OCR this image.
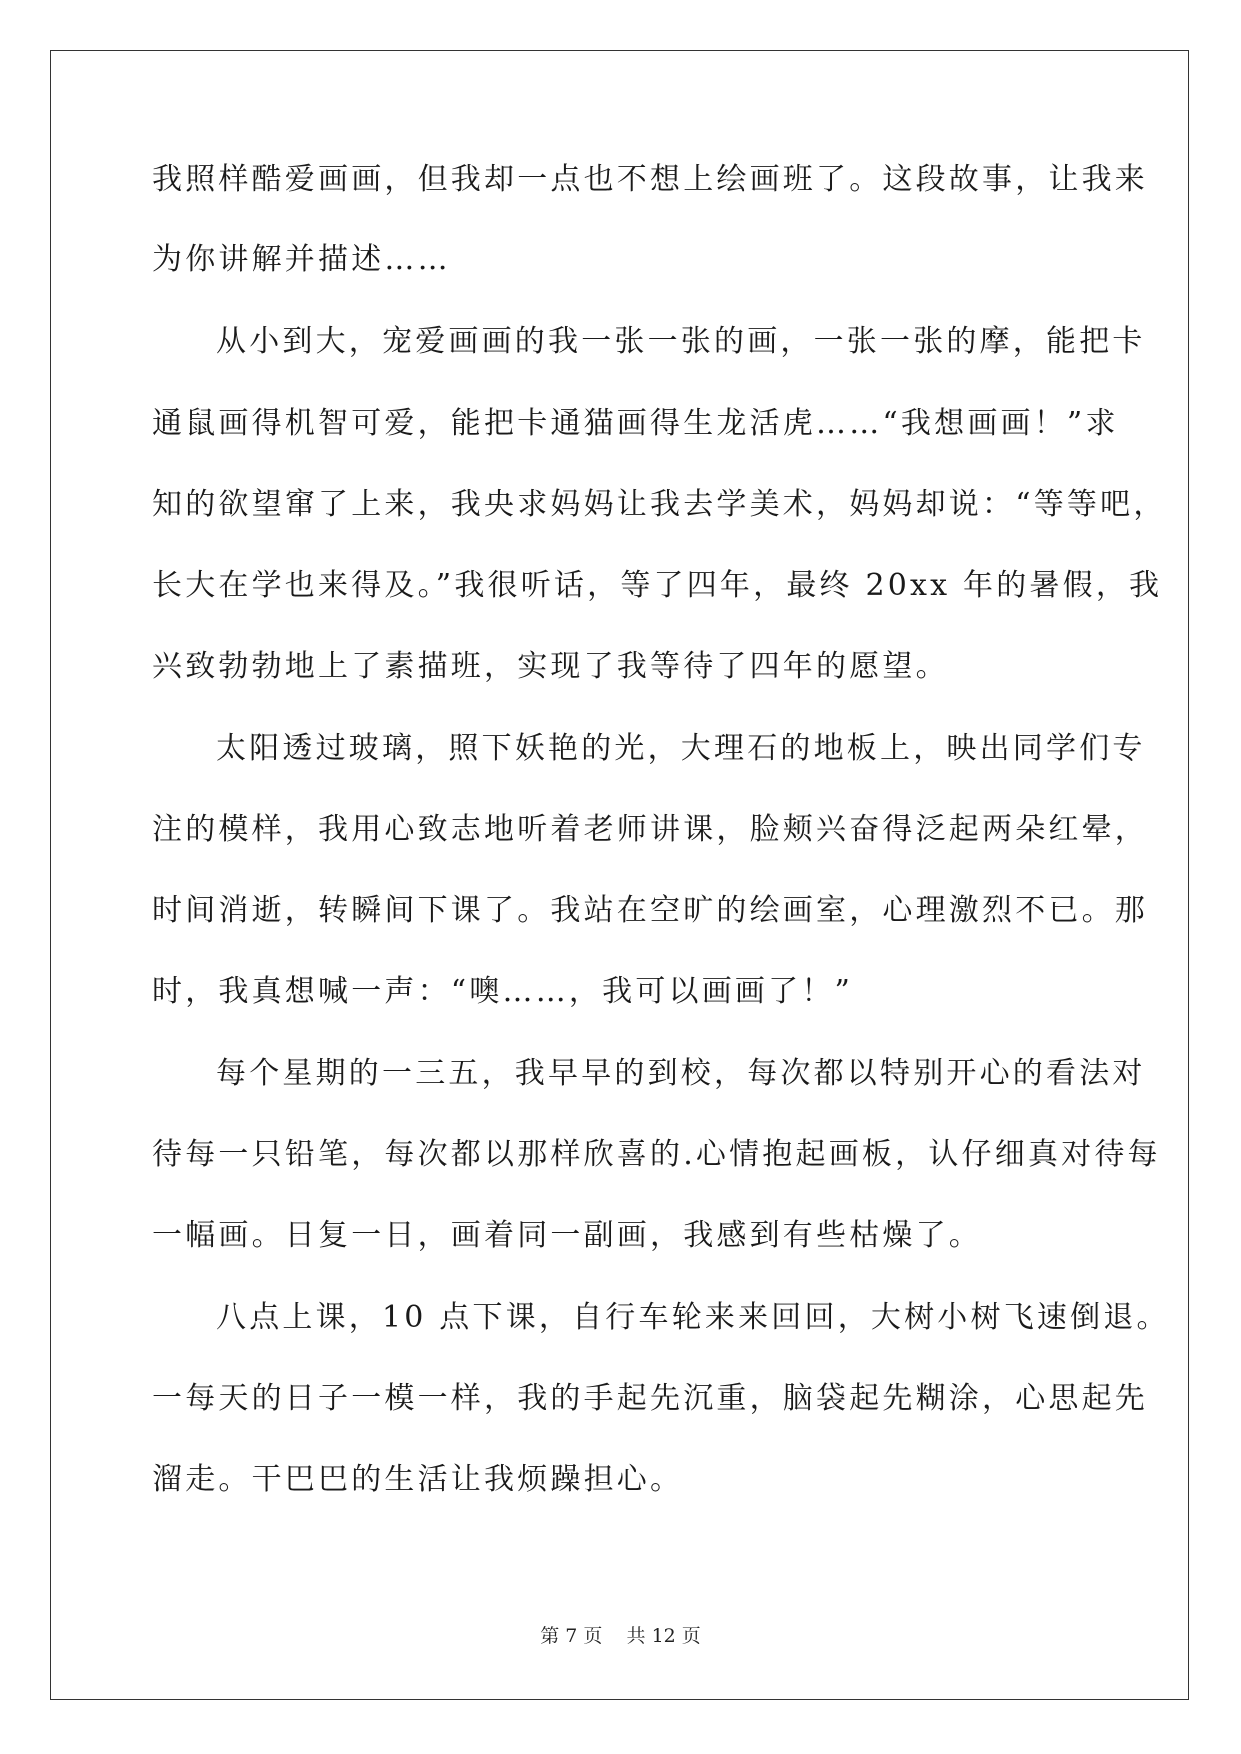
我照样酷爱画画，但我却一点也不想上绘画班了。这段故事，让我来
为你讲解并描述……
从小到大，宠爱画画的我一张一张的画，一张一张的摩，能把卡
通鼠画得机智可爱，能把卡通猫画得生龙活虎……“我想画画！”求
知的欲望窜了上来，我央求妈妈让我去学美术，妈妈却说：“等等吧，
长大在学也来得及。”我很听话，等了四年，最终 20xx 年的暑假，我
兴致勃勃地上了素描班，实现了我等待了四年的愿望。
太阳透过玻璃，照下妖艳的光，大理石的地板上，映出同学们专
注的模样，我用心致志地听着老师讲课，脸颊兴奋得泛起两朵红晕，
时间消逝，转瞬间下课了。我站在空旷的绘画室，心理激烈不已。那
时，我真想喊一声：“噢……，我可以画画了！”
每个星期的一三五，我早早的到校，每次都以特别开心的看法对
待每一只铅笔，每次都以那样欣喜的.心情抱起画板，认仔细真对待每
一幅画。日复一日，画着同一副画，我感到有些枯燥了。
八点上课，10 点下课，自行车轮来来回回，大树小树飞速倒退。
一每天的日子一模一样，我的手起先沉重，脑袋起先糊涂，心思起先
溜走。干巴巴的生活让我烦躁担心。
第 7 页    共 12 页
